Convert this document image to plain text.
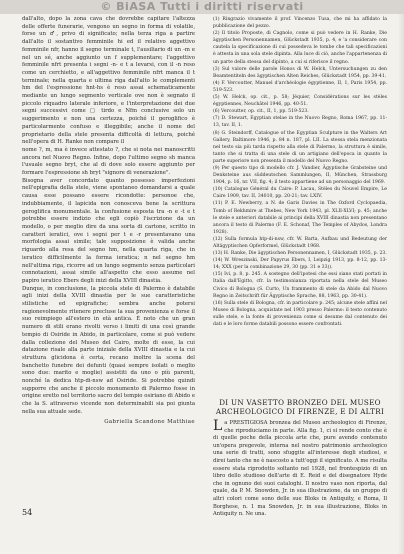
© BiASA Tutti i diritti riservati

dall'alto, dopo la zona cava che dovrebbe capitare l'altezza delle offerte funerarie, vengono un segno in forma di volatile, forse un ♂, privo di significato; nella terza riga a partire dall'alto il sostantivo femminile hi ed il relativo aggettivo femminile nfr, hanno il segno terminale t, l'ausiliario di un -m e nel un sé, anche aggiunto un f supplementare; l'aggettivo femminile nfrt presenta i segni -n- e t a levarsi, con il -n reso come un cerchietto, e all'aggettivo femminile nfrt manca il t terminale; nella quarta e ultima riga dall'alto le complementi hm del l'espressione hnt-hs è reso assai schematicamente mediante un lungo segmento verticale ove non è segnato il piccolo riquadro laterale inferiore, e l'interpretazione dei due segni successivi come □ tirdo e Nfm conclusive solo un suggerimento e non una certezza, poiché il geroglifico è particolarmente confuso e illeggibile; anche il nome del proprietario della stele presenta difficoltà di lettura, poiché nell'opera di H. Ranke non compare il

nome ?, m, ma è invece attestato ?, che si nota nei manoscritti ancora nel Nuovo Regno. Infine, dopo l'ultimo segno sh manca l'usuale segno bryt, che al di dove solo essere aggiunto per formare l'espressione sh bryt "signore di venerazione".

Bisogna aver concordato quanto possesso imperfezioni nell'epigrafia della stele, viene spontaneo domandarsi a quale causa esse possano essere ricondotte: personoe che, indubbiamente, il lapicida non conosceva bene la scrittura geroglifica monumentale. la confusione esposta tra -n e -t e t potrebbe essere indizio che egli copiò l'iscrizione da un modello, o per meglio dire da una sorta di cartone, scritto in caratteri ieratici, ove i segni per t e -r presentavano una morfologia assai simile; tale supposizione è valida anche riguardo alla resa del segno hm, nella quarta riga, che in ieratico difficilmente la forma ieratica; n nel segno hm nell'ultima riga, ricorre ad un lungo segmento senza particolari connotazioni, assai simile all'aspetto che esso assume nel papiro ieratico Ebers degli inizi della XVIII dinastia.

Dunque, in conclusione, la piccola stele di Palermo è databile agli inizi della XVIII dinastia per le sue caratteristiche stilistiche ed epigrafiche; sembra anche potersi ragionevolmente ritenere precluse la sua provenienza e forse il suo reimpiego all'estero in età antica. È noto che un gran numero di stili erano rivolti verso i limiti di una così grande tempio di Osiride in Abido, in particolare, come si può vedere dalla collezione del Museo del Cairo, molte di esse, la cui datazione risale alla parte iniziale della XVIII dinastia e la cui struttura glicidona è certa, recano inoltre la scena del banchetto funebre dei defunti (quasi sempre isolati o meglio sono due: marito e moglie) assistiti da uno o più parenti, nonché la dedica htp-di-nsw ad Osiride. Si potrebbe quindi supporre che anche il piccolo monumento di Palermo fosse in origine eretto nel territorio sacro del tempio osiriano di Abido e che la S. attraverso vicende non determinabili sia poi giunta nella sua attuale sede.

Gabriella Scandone Matthiae
54

(1) Ringrazio vivamente il prof. Vincenzo Tusa, che mi ha affidato la pubblicazione del pezzo.

(2) Il titolo Proposte, di Cagnolo, come si può vedere in H. Ranke, Die ägyptischen Personennamen, Glückstadt 1935, p. 4, e 'a considerare con cautela la specificazione di cui possedeva le tombe che tali specificazioni è attesta in una sola stele dipinta. Alla luce di ciò, anche l'appartenenza di un parte della stessa del dipinto, a cui si riferisce il regno.

(3) Sul valore delle parole Honos di W. Helck, Untersuchungen zu den Beamtentiteln des ägyptischen Alten Reiches, Glückstadt 1954, pp. 39-41.

(4) F. Vercoutter, Manuel d'archéologie égyptienne, II, 1, Paris 1954, pp. 519-523.

(5) W. Helck, op. cit., p. 58; Jéquier, Considérations sur les stèles égyptiennes, Neuchâtel 1946, pp. 40-51.

(6) Vercoutter, op. cit., II, 1, pp. 519-523.

(7) D. Stewart, Egyptian stelae in the Nuovo Regno, Roma 1967, pp. 11-13, tav. II, 1.

(8) G. Steindorff, Catalogue of the Egyptian Sculpture in the Walters Art Gallery, Baltimore 1946, p. 84 n. 187, pl. LII. La stessa stela menzionata nel testo sia più tarda rispetto alla stele di Palermo, la struttura è simile, tanto che si tratta di una stele di un artigiano dell'epoca in quanto la parte superiore non presenta il modello del Nuovo Regno.

(9) Per questo tipo di modello cfr. J. Vandier, Ägyptische Grabsteine und Denksteine aus süddeutschen Sammlungen, II, München, Strassburg 1904, p. 16, nr. VII, fig. 4; il testo appartiene ad un personaggio del 1969.

(10) Catalogue Général du Caire: P. Lacau, Stèles du Nouvel Empire, Le Caire 1909, tav. II, 34010, pp. 20-21; tav. LXIV.

(11) P. E. Newberry, a N. de Garis Davies in The Oxford Cyclopaedia, Tomb of Rekhmire at Thebes, New York 1943, pl. XLII-XLVI; p. 45; anche le stele e anteriori databile ai principi della XVIII dinastia non presentano ancora il testo di Palermo (F. E. Schonaf, The Temples of Abydos, Londra 1928).

(12) Sulla formula htp-di-nsw, cfr. W. Barta, Aufbau und Bedeutung der Altägyptischen Opferformel, Glückstadt 1968.

(13) H. Ranke, Die ägyptischen Personennamen, I, Glückstadt 1935, p. 23.

(14) W. Wreszinski, Der Papyrus Ebers, I, Leipzig 1913, pp. 8-12, pp. 13-14; XXX (per la combinazione 29, 30 (pp. 31 e 33)).

(15) Ivi, p. 8, p. 245. A sostegno dell'ipotesi che essi siano stati portati in Italia dall'Egitto, cfr. la testimonianza riportata nella stele del Museo Civico di Bologna (S. Curto, Un frammento di stele da Abido dal Nuovo Regno in Zeitschrift für Ägyptische Sprache, 88, 1963, pp. 30-41).

(16) Sulla stele di Bologna, cfr. in particolare p. 245; alcune stele affini nel Museo di Bologna, acquistate nel 1903 presso Palermo: il testo contenuto sulle stele, e la fonte di provenienza come si desume dal contenuto dei dati e le loro forme databili possono essere confrontati.

DI UN VASETTO BRONZEO DEL MUSEO ARCHEOLOGICO DI FIRENZE, E DI ALTRI
L a PRESTIGIOSA bronzea del Museo archeologico di Firenze, che riproduciamo in parte. Alla fig. 1, ci si rende conto che è di quelle poche della piccola arte che, pure avendo contenuto un'opera pregevole, interna nel nostro patrimonio archeologico una serie di tratti, sono sfuggite all'interesse degli studiosi, e direi tanto che ne è nascosto a tutt'oggi il significato. A me risulta essere stata riprodotto soltanto nel 1928, nel frontespizio di un libro dello studioso dell'arte di E. Reid e del disegnatore Hyde che in ognuno dei suoi cataloghi. Il nostro vaso non riporta, dal quale, da P. M. Snowden, Jr. in sua illustrazione, da un gruppo di altri colori come sono delle sue Bloks in Antiquity, e Roma, Il Borghese, n. 1 ma Snowden, Jr. in sua illustrazione, Bloks in Antiquity n. Ne una.
